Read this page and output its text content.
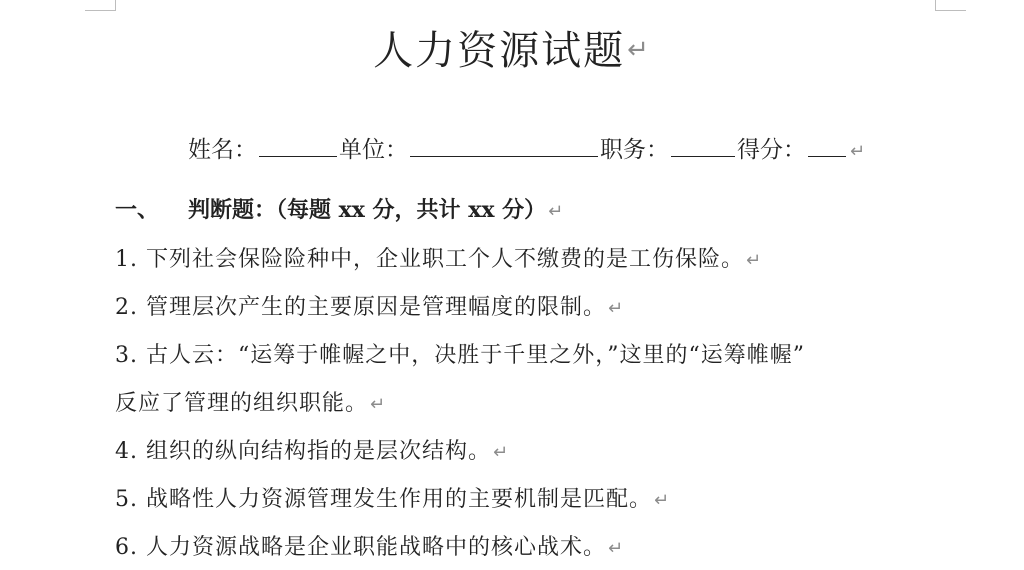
人力资源试题↵
姓名：	单位：	职务：	得分： ↵
一、 判断题：（每题 xx 分，共计 xx 分） ↵
1. 下列社会保险险种中，企业职工个人不缴费的是工伤保险。 ↵
2. 管理层次产生的主要原因是管理幅度的限制。 ↵
3. 古人云：“运筹于帷幄之中，决胜于千里之外，”这里的“运筹帷幄”
反应了管理的组织职能。 ↵
4. 组织的纵向结构指的是层次结构。 ↵
5. 战略性人力资源管理发生作用的主要机制是匹配。 ↵
6. 人力资源战略是企业职能战略中的核心战术。 ↵
